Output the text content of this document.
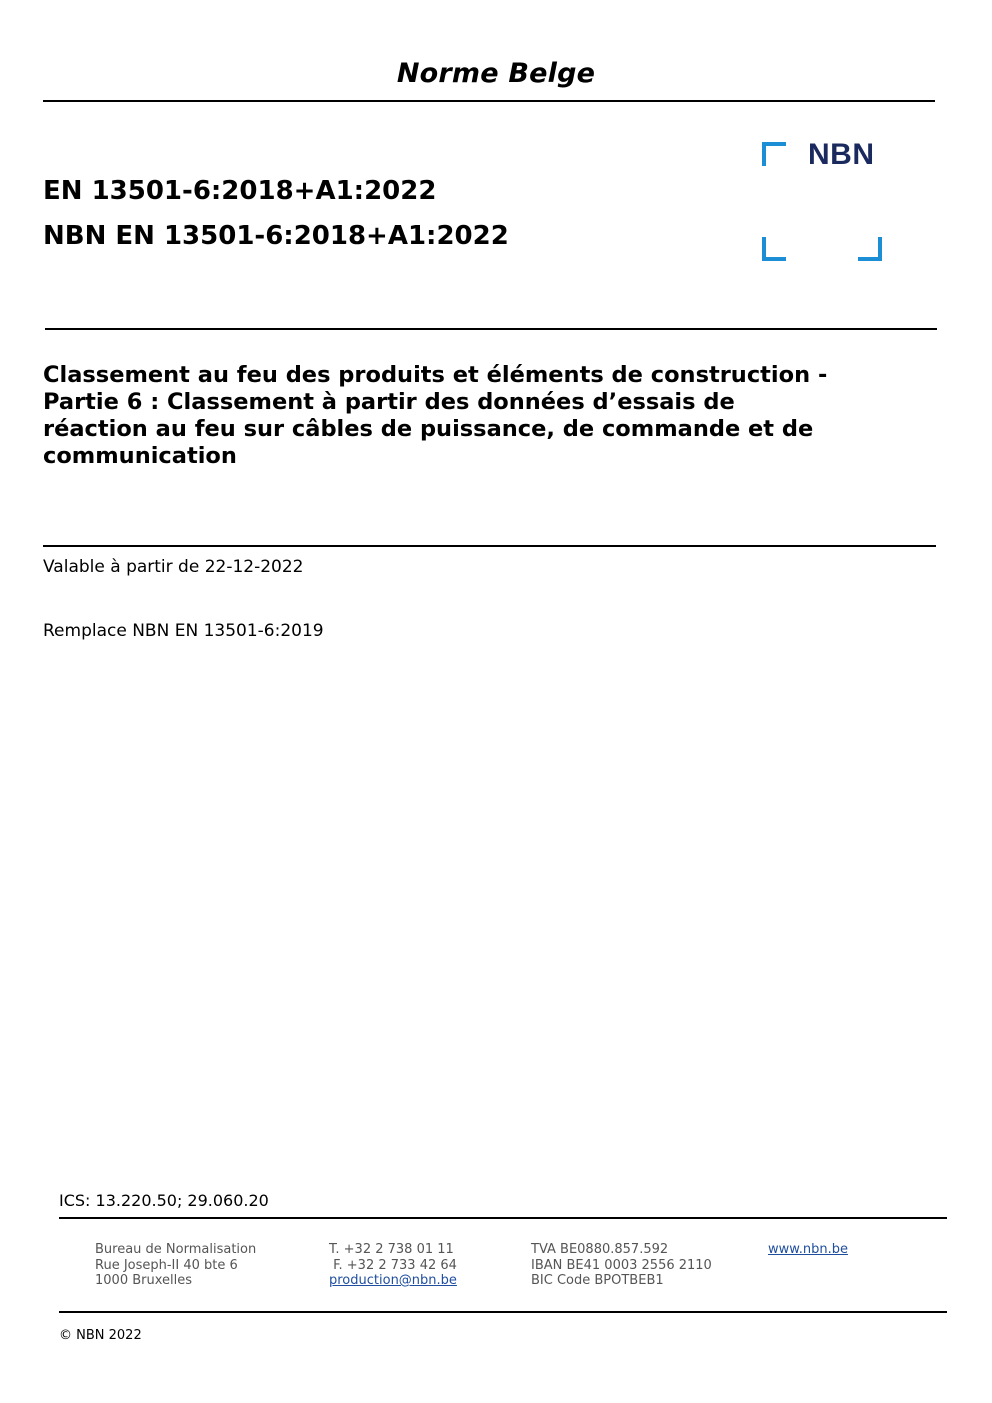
Norme Belge
EN 13501-6:2018+A1:2022
NBN EN 13501-6:2018+A1:2022
NBN
Classement au feu des produits et éléments de construction -
Partie 6 : Classement à partir des données d’essais de
réaction au feu sur câbles de puissance, de commande et de
communication
Valable à partir de 22-12-2022
Remplace NBN EN 13501-6:2019
ICS: 13.220.50; 29.060.20
Bureau de Normalisation
Rue Joseph-II 40 bte 6
1000 Bruxelles
T. +32 2 738 01 11
F. +32 2 733 42 64
production@nbn.be
TVA BE0880.857.592
IBAN BE41 0003 2556 2110
BIC Code BPOTBEB1
www.nbn.be
© NBN 2022
